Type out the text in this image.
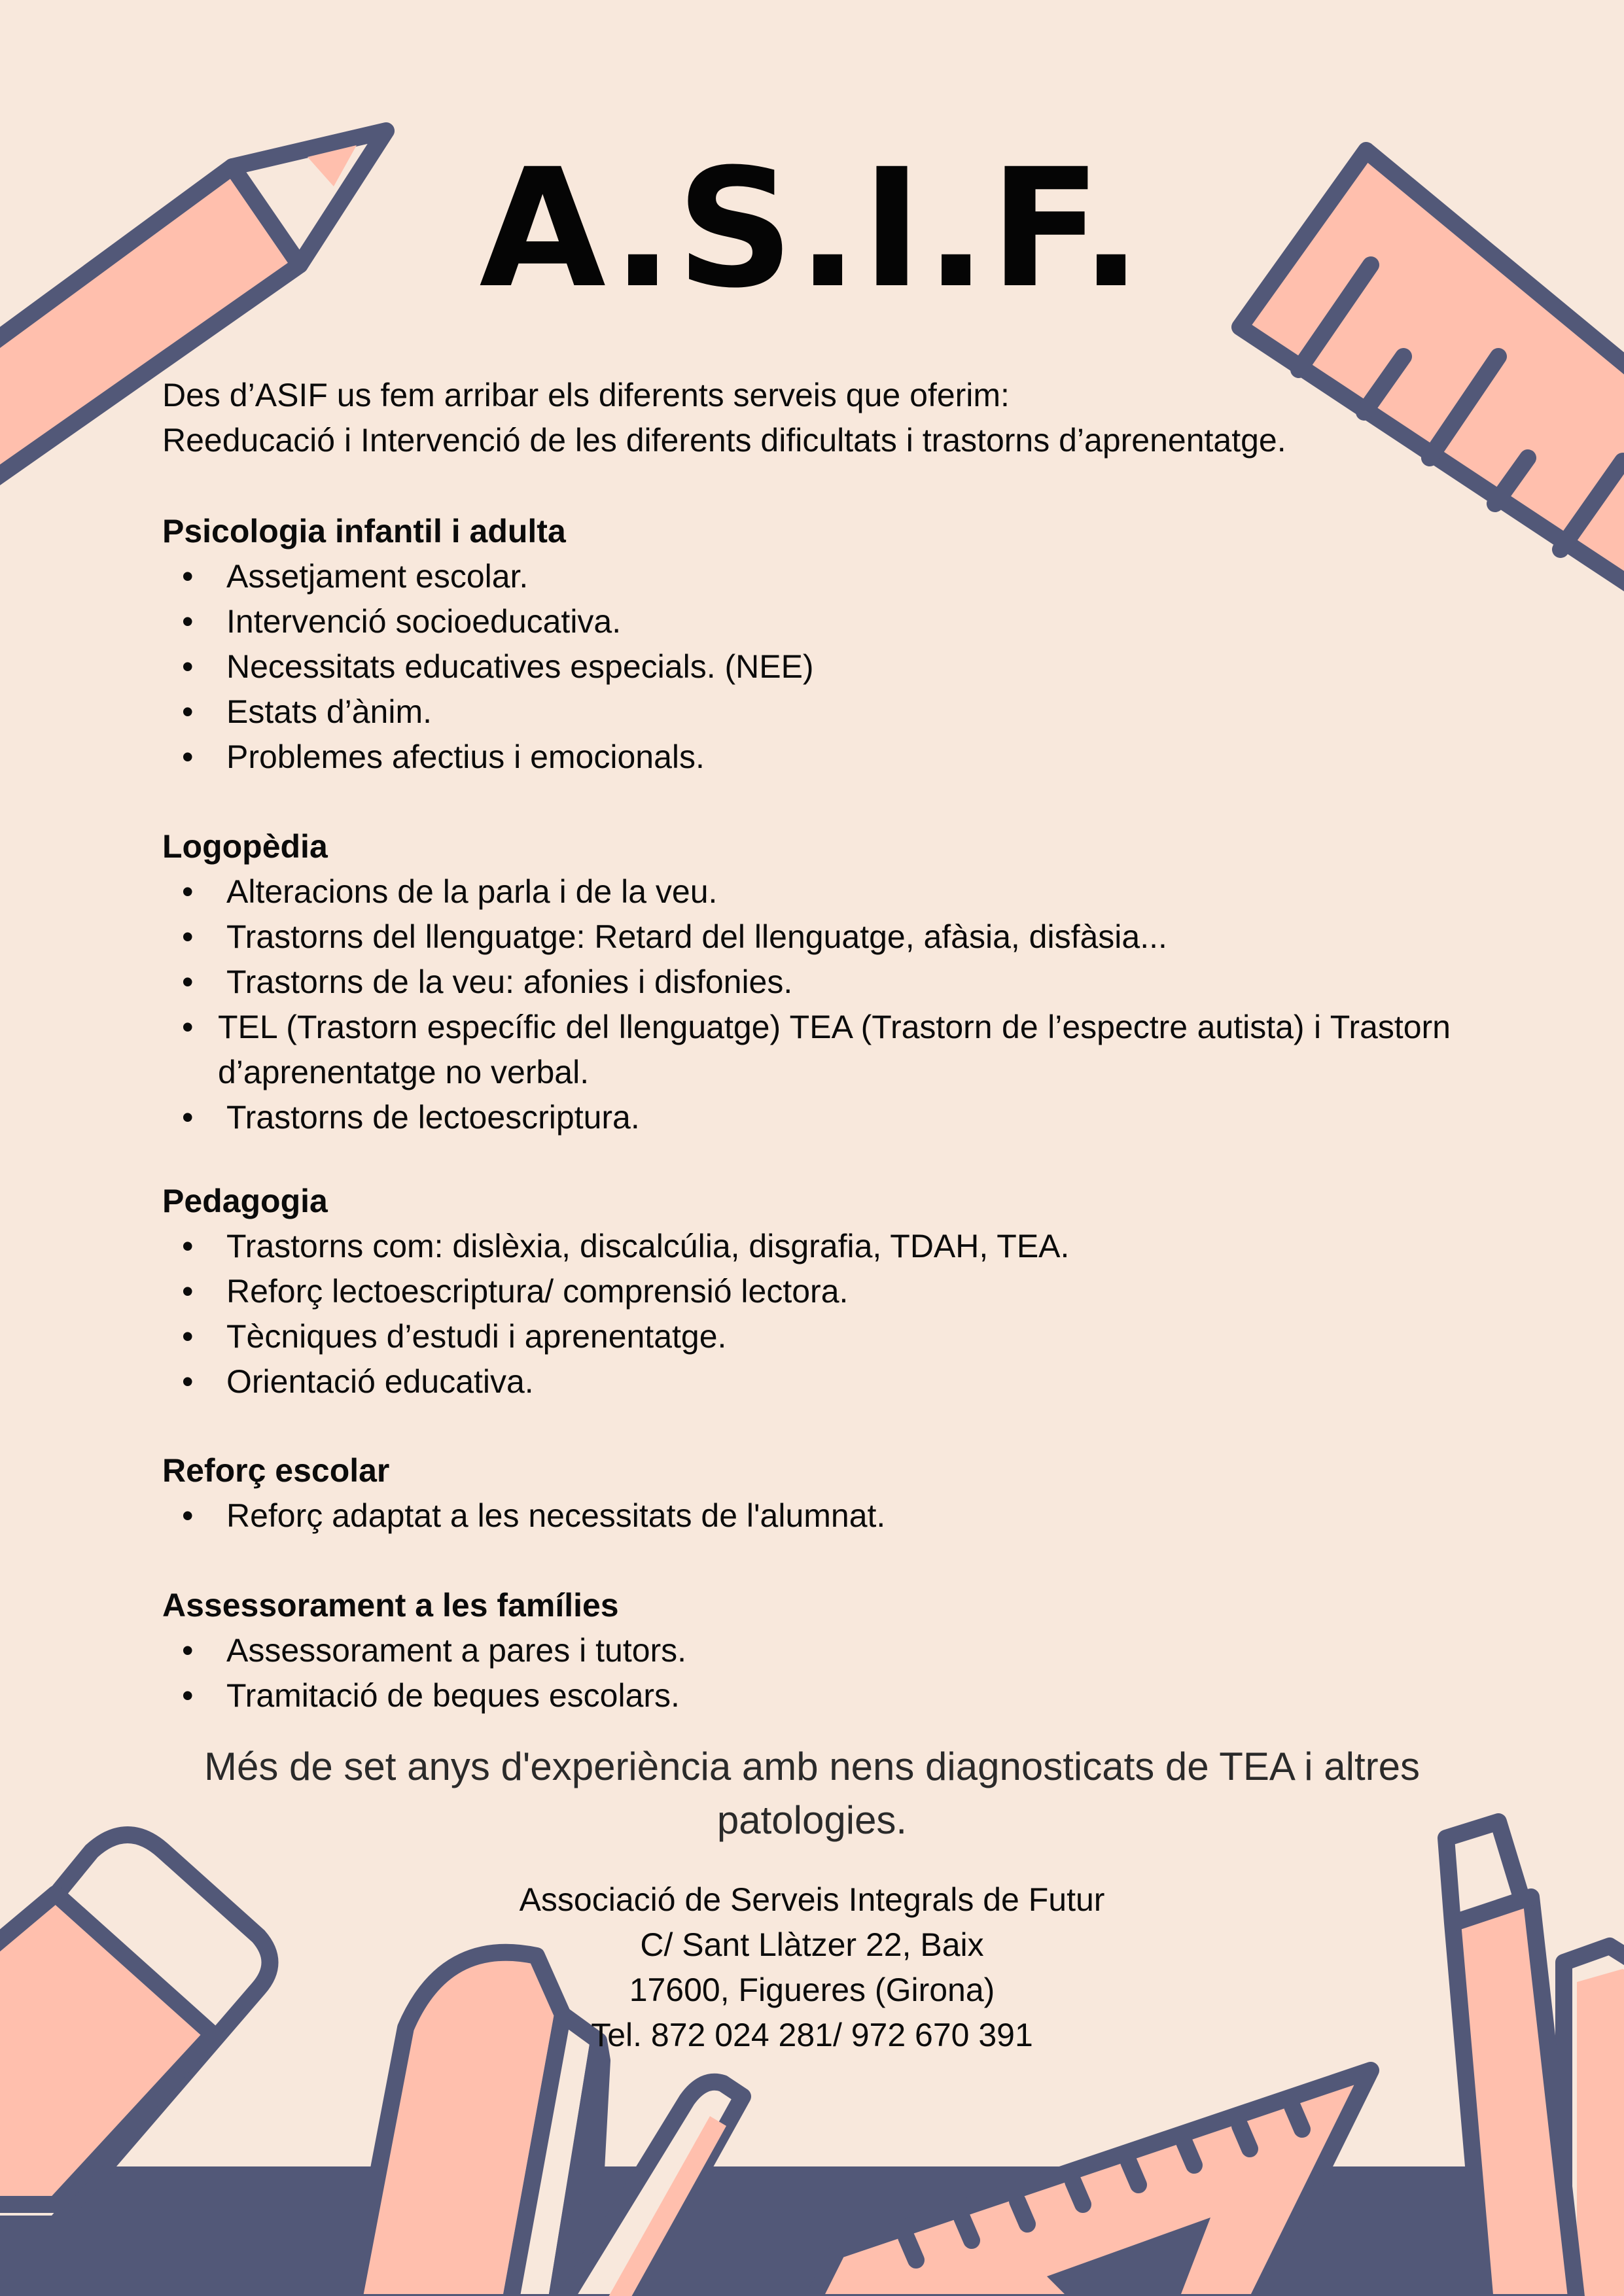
A.S.I.F.

Des d’ASIF us fem arribar els diferents serveis que oferim:

Reeducació i Intervenció de les diferents dificultats i trastorns d’aprenentatge.

Psicologia infantil i adulta
• Assetjament escolar.
• Intervenció socioeducativa.
• Necessitats educatives especials. (NEE)
• Estats d’ànim.
• Problemes afectius i emocionals.
Logopèdia
• Alteracions de la parla i de la veu.
• Trastorns del llenguatge: Retard del llenguatge, afàsia, disfàsia...
• Trastorns de la veu: afonies i disfonies.
• TEL (Trastorn específic del llenguatge) TEA (Trastorn de l’espectre autista) i Trastorn d’aprenentatge no verbal.
• Trastorns de lectoescriptura.
Pedagogia
• Trastorns com: dislèxia, discalcúlia, disgrafia, TDAH, TEA.
• Reforç lectoescriptura/ comprensió lectora.
• Tècniques d’estudi i aprenentatge.
• Orientació educativa.
Reforç escolar
• Reforç adaptat a les necessitats de l'alumnat.
Assessorament a les famílies
• Assessorament a pares i tutors.
• Tramitació de beques escolars.
Més de set anys d'experiència amb nens diagnosticats de TEA i altres
patologies.
Associació de Serveis Integrals de Futur
C/ Sant Llàtzer 22, Baix
17600, Figueres (Girona)
Tel. 872 024 281/ 972 670 391
